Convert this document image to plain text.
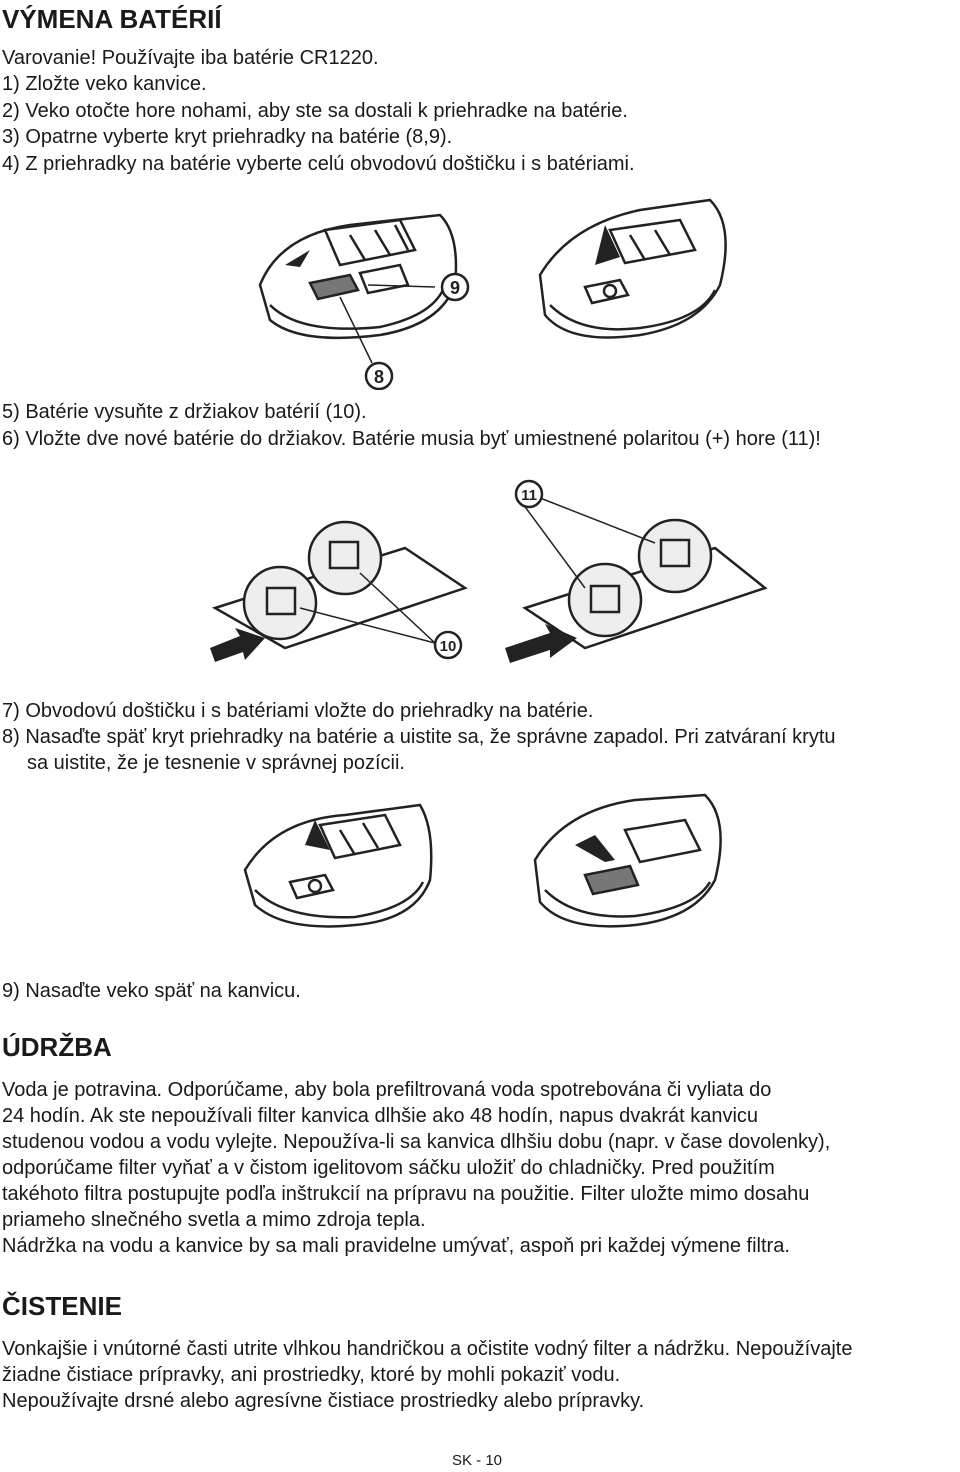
VÝMENA BATÉRIÍ
Varovanie! Používajte iba batérie CR1220.
1) Zložte veko kanvice.
2) Veko otočte hore nohami, aby ste sa dostali k priehradke na batérie.
3) Opatrne vyberte kryt priehradky na batérie (8,9).
4) Z priehradky na batérie vyberte celú obvodovú doštičku i s batériami.
9
8
5) Batérie vysuňte z držiakov batérií (10).
6) Vložte dve nové batérie do držiakov. Batérie musia byť umiestnené polaritou (+) hore (11)!
10
11
7) Obvodovú doštičku i s batériami vložte do priehradky na batérie.
8) Nasaďte späť kryt priehradky na batérie a uistite sa, že správne zapadol. Pri zatváraní krytu
sa uistite, že je tesnenie v správnej pozícii.
9) Nasaďte veko späť na kanvicu.
ÚDRŽBA
Voda je potravina. Odporúčame, aby bola prefiltrovaná voda spotrebována či vyliata do
24 hodín. Ak ste nepoužívali filter kanvica dlhšie ako 48 hodín, napus dvakrát kanvicu
studenou vodou a vodu vylejte. Nepoužíva-li sa kanvica dlhšiu dobu (napr. v čase dovolenky),
odporúčame filter vyňať a v čistom igelitovom sáčku uložiť do chladničky. Pred použitím
takéhoto filtra postupujte podľa inštrukcií na prípravu na použitie. Filter uložte mimo dosahu
priameho slnečného svetla a mimo zdroja tepla.
Nádržka na vodu a kanvice by sa mali pravidelne umývať, aspoň pri každej výmene filtra.
ČISTENIE
Vonkajšie i vnútorné časti utrite vlhkou handričkou a očistite vodný filter a nádržku. Nepoužívajte
žiadne čistiace prípravky, ani prostriedky, ktoré by mohli pokaziť vodu.
Nepoužívajte drsné alebo agresívne čistiace prostriedky alebo prípravky.
SK - 10
